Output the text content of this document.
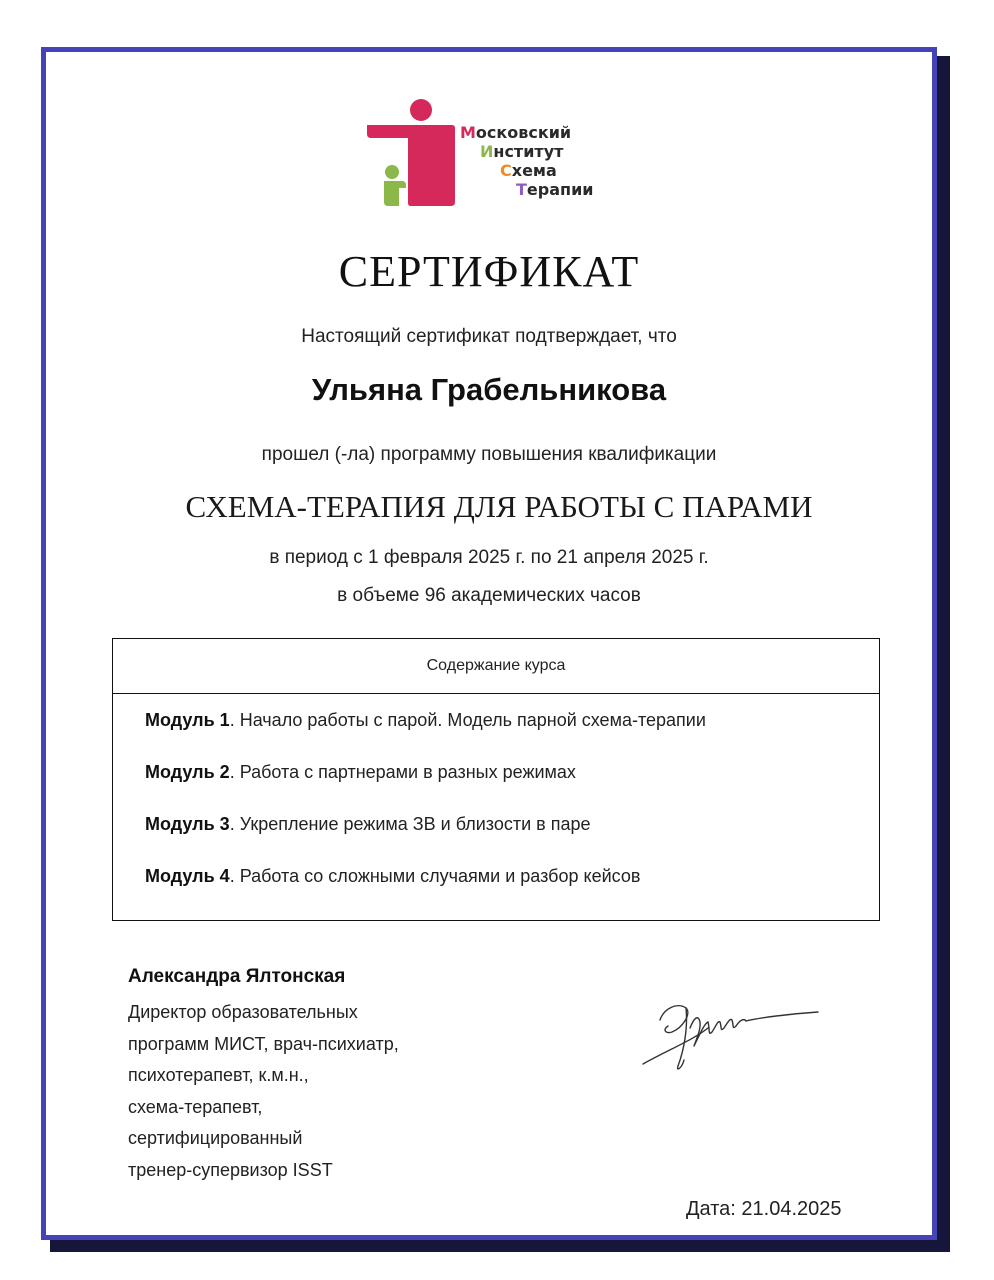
Московский
Институт
Схема
Терапии
СЕРТИФИКАТ
Настоящий сертификат подтверждает, что
Ульяна Грабельникова
прошел (-ла) программу повышения квалификации
СХЕМА-ТЕРАПИЯ ДЛЯ РАБОТЫ С ПАРАМИ
в период с 1 февраля 2025 г. по 21 апреля 2025 г.
в объеме 96 академических часов
Содержание курса
Модуль 1. Начало работы с парой. Модель парной схема-терапии
Модуль 2. Работа с партнерами в разных режимах
Модуль 3. Укрепление режима ЗВ и близости в паре
Модуль 4. Работа со сложными случаями и разбор кейсов
Александра Ялтонская
Директор образовательных
программ МИСТ, врач-психиатр,
психотерапевт, к.м.н.,
схема-терапевт,
сертифицированный
тренер-супервизор ISST
Дата: 21.04.2025
